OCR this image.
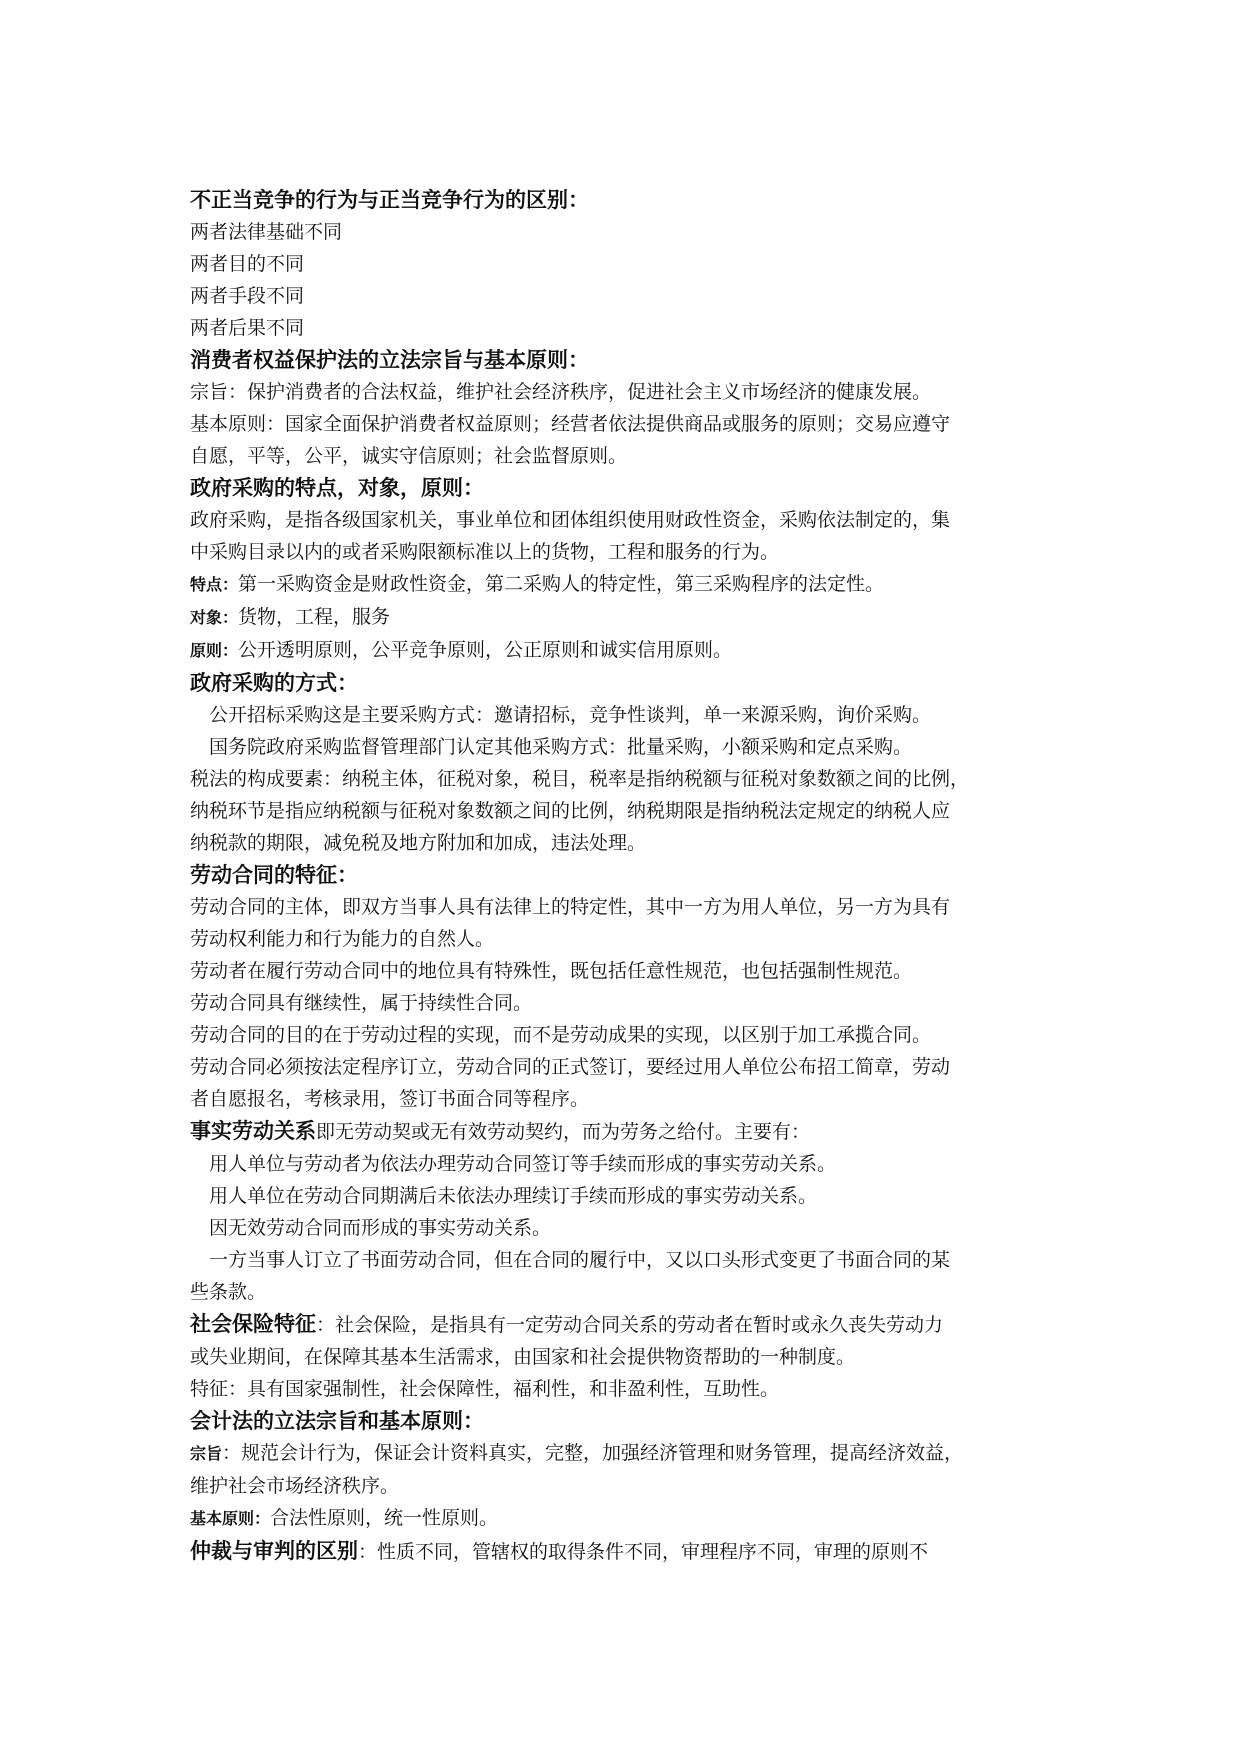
不正当竞争的行为与正当竞争行为的区别：
两者法律基础不同
两者目的不同
两者手段不同
两者后果不同
消费者权益保护法的立法宗旨与基本原则：
宗旨：保护消费者的合法权益，维护社会经济秩序，促进社会主义市场经济的健康发展。
基本原则：国家全面保护消费者权益原则；经营者依法提供商品或服务的原则；交易应遵守
自愿，平等，公平，诚实守信原则；社会监督原则。
政府采购的特点，对象，原则：
政府采购，是指各级国家机关，事业单位和团体组织使用财政性资金，采购依法制定的，集
中采购目录以内的或者采购限额标准以上的货物，工程和服务的行为。
特点：第一采购资金是财政性资金，第二采购人的特定性，第三采购程序的法定性。
对象：货物，工程，服务
原则：公开透明原则，公平竞争原则，公正原则和诚实信用原则。
政府采购的方式：
公开招标采购这是主要采购方式：邀请招标，竞争性谈判，单一来源采购，询价采购。
国务院政府采购监督管理部门认定其他采购方式：批量采购，小额采购和定点采购。
税法的构成要素：纳税主体，征税对象，税目，税率是指纳税额与征税对象数额之间的比例，
纳税环节是指应纳税额与征税对象数额之间的比例，纳税期限是指纳税法定规定的纳税人应
纳税款的期限，减免税及地方附加和加成，违法处理。
劳动合同的特征：
劳动合同的主体，即双方当事人具有法律上的特定性，其中一方为用人单位，另一方为具有
劳动权利能力和行为能力的自然人。
劳动者在履行劳动合同中的地位具有特殊性，既包括任意性规范，也包括强制性规范。
劳动合同具有继续性，属于持续性合同。
劳动合同的目的在于劳动过程的实现，而不是劳动成果的实现，以区别于加工承揽合同。
劳动合同必须按法定程序订立，劳动合同的正式签订，要经过用人单位公布招工简章，劳动
者自愿报名，考核录用，签订书面合同等程序。
事实劳动关系即无劳动契或无有效劳动契约，而为劳务之给付。主要有：
用人单位与劳动者为依法办理劳动合同签订等手续而形成的事实劳动关系。
用人单位在劳动合同期满后未依法办理续订手续而形成的事实劳动关系。
因无效劳动合同而形成的事实劳动关系。
一方当事人订立了书面劳动合同，但在合同的履行中，又以口头形式变更了书面合同的某
些条款。
社会保险特征：社会保险，是指具有一定劳动合同关系的劳动者在暂时或永久丧失劳动力
或失业期间，在保障其基本生活需求，由国家和社会提供物资帮助的一种制度。
特征：具有国家强制性，社会保障性，福利性，和非盈利性，互助性。
会计法的立法宗旨和基本原则：
宗旨：规范会计行为，保证会计资料真实，完整，加强经济管理和财务管理，提高经济效益，
维护社会市场经济秩序。
基本原则：合法性原则，统一性原则。
仲裁与审判的区别：性质不同，管辖权的取得条件不同，审理程序不同，审理的原则不
